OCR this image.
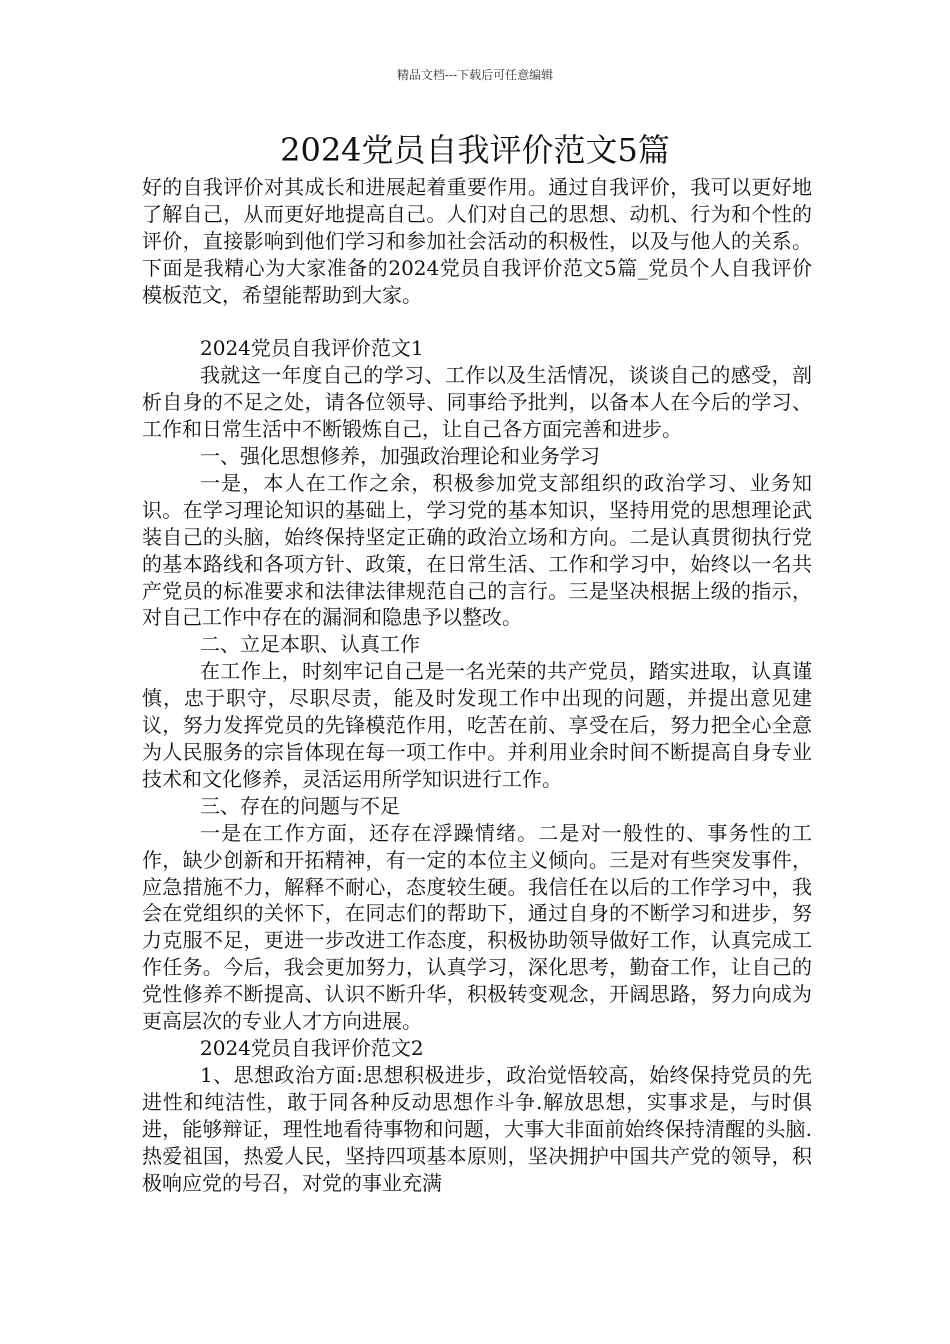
精品文档---下载后可任意编辑
2024党员自我评价范文5篇

好的自我评价对其成长和进展起着重要作用。通过自我评价，我可以更好地了解自己，从而更好地提高自己。人们对自己的思想、动机、行为和个性的评价，直接影响到他们学习和参加社会活动的积极性，以及与他人的关系。下面是我精心为大家准备的2024党员自我评价范文5篇_党员个人自我评价模板范文，希望能帮助到大家。

2024党员自我评价范文1

我就这一年度自己的学习、工作以及生活情况，谈谈自己的感受，剖析自身的不足之处，请各位领导、同事给予批判，以备本人在今后的学习、工作和日常生活中不断锻炼自己，让自己各方面完善和进步。

一、强化思想修养，加强政治理论和业务学习

一是，本人在工作之余，积极参加党支部组织的政治学习、业务知识。在学习理论知识的基础上，学习党的基本知识，坚持用党的思想理论武装自己的头脑，始终保持坚定正确的政治立场和方向。二是认真贯彻执行党的基本路线和各项方针、政策，在日常生活、工作和学习中，始终以一名共产党员的标准要求和法律法律规范自己的言行。三是坚决根据上级的指示，对自己工作中存在的漏洞和隐患予以整改。

二、立足本职、认真工作

在工作上，时刻牢记自己是一名光荣的共产党员，踏实进取，认真谨慎，忠于职守，尽职尽责，能及时发现工作中出现的问题，并提出意见建议，努力发挥党员的先锋模范作用，吃苦在前、享受在后，努力把全心全意为人民服务的宗旨体现在每一项工作中。并利用业余时间不断提高自身专业技术和文化修养，灵活运用所学知识进行工作。

三、存在的问题与不足

一是在工作方面，还存在浮躁情绪。二是对一般性的、事务性的工作，缺少创新和开拓精神，有一定的本位主义倾向。三是对有些突发事件，应急措施不力，解释不耐心，态度较生硬。我信任在以后的工作学习中，我会在党组织的关怀下，在同志们的帮助下，通过自身的不断学习和进步，努力克服不足，更进一步改进工作态度，积极协助领导做好工作，认真完成工作任务。今后，我会更加努力，认真学习，深化思考，勤奋工作，让自己的党性修养不断提高、认识不断升华，积极转变观念，开阔思路，努力向成为更高层次的专业人才方向进展。

2024党员自我评价范文2

1、思想政治方面:思想积极进步，政治觉悟较高，始终保持党员的先进性和纯洁性，敢于同各种反动思想作斗争.解放思想，实事求是，与时俱进，能够辩证，理性地看待事物和问题，大事大非面前始终保持清醒的头脑.热爱祖国，热爱人民，坚持四项基本原则，坚决拥护中国共产党的领导，积极响应党的号召，对党的事业充满
